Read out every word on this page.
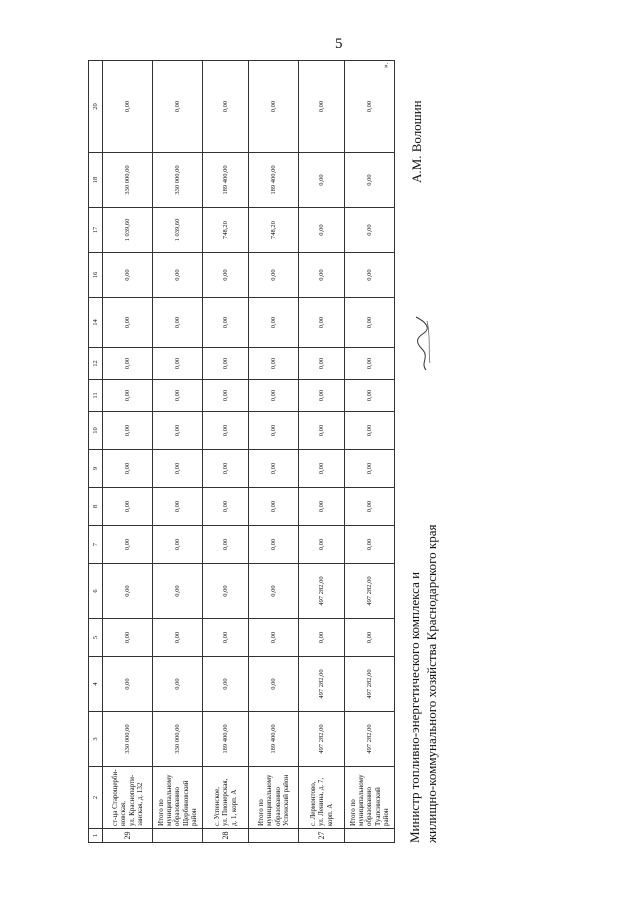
5
1	2	3	4	5	6	7	8	9	10	11	12	14	16	17	18	20
29	ст-ца Старощерби- новская, ул. Краснопарти- занская, д. 132	330 000,00	0,00	0,00	0,00	0,00	0,00	0,00	0,00	0,00	0,00	0,00	0,00	1 039,60	330 000,00	0,00

	Итого по муниципальному образованию Щербиновский район	330 000,00	0,00	0,00	0,00	0,00	0,00	0,00	0,00	0,00	0,00	0,00	0,00	1 039,60	330 000,00	0,00
28	с. Успенское, ул. Пионерская, д. 1, корп. А	189 400,00	0,00	0,00	0,00	0,00	0,00	0,00	0,00	0,00	0,00	0,00	0,00	748,20	189 400,00	0,00

	Итого по муниципальному образованию Успенский район	189 400,00	0,00	0,00	0,00	0,00	0,00	0,00	0,00	0,00	0,00	0,00	0,00	748,20	189 400,00	0,00
27	с. Лермонтово, ул. Ленина, д. 7, корп. А	497 282,00	497 282,00	0,00	497 282,00	0,00	0,00	0,00	0,00	0,00	0,00	0,00	0,00	0,00	0,00	0,00

	Итого по муниципальному образованию Туапсинский район	497 282,00	497 282,00	0,00	497 282,00	0,00	0,00	0,00	0,00	0,00	0,00	0,00	0,00	0,00	0,00	0,00
».
Министр топливно-энергетического комплекса и жилищно-коммунального хозяйства Краснодарского края
А.М. Волошин
